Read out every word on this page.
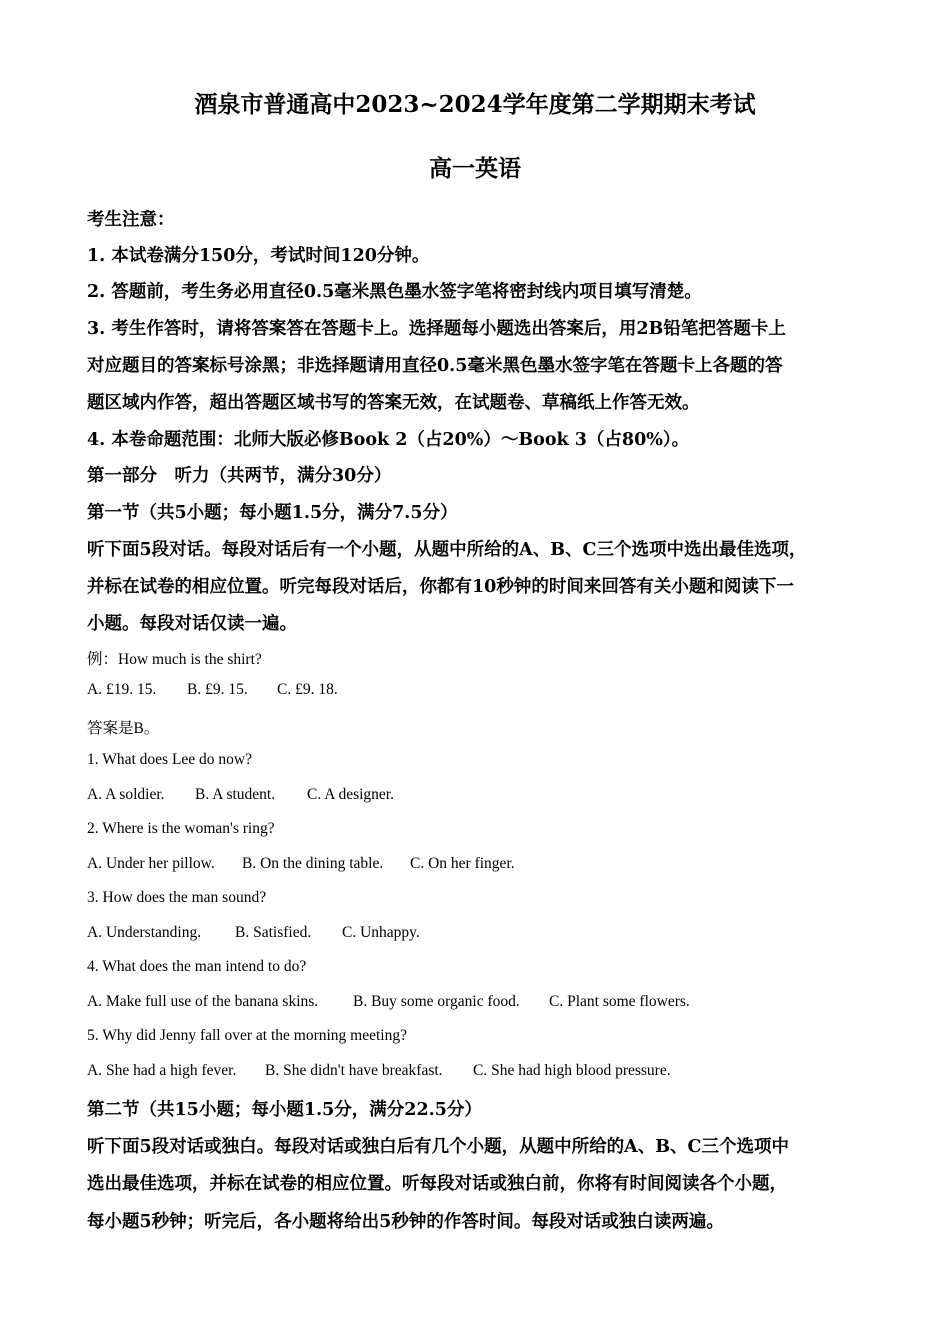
酒泉市普通高中2023~2024学年度第二学期期末考试
高一英语
考生注意：
1. 本试卷满分150分，考试时间120分钟。
2. 答题前，考生务必用直径0.5毫米黑色墨水签字笔将密封线内项目填写清楚。
3. 考生作答时，请将答案答在答题卡上。选择题每小题选出答案后，用2B铅笔把答题卡上
对应题目的答案标号涂黑；非选择题请用直径0.5毫米黑色墨水签字笔在答题卡上各题的答
题区域内作答，超出答题区域书写的答案无效，在试题卷、草稿纸上作答无效。
4. 本卷命题范围：北师大版必修Book 2（占20%）～Book 3（占80%）。
第一部分　听力（共两节，满分30分）
第一节（共5小题；每小题1.5分，满分7.5分）
听下面5段对话。每段对话后有一个小题，从题中所给的A、B、C三个选项中选出最佳选项，
并标在试卷的相应位置。听完每段对话后，你都有10秒钟的时间来回答有关小题和阅读下一
小题。每段对话仅读一遍。
例：How much is the shirt?
A. £19. 15. B. £9. 15. C. £9. 18.
答案是B。
1. What does Lee do now?
A. A soldier. B. A student. C. A designer.
2. Where is the woman's ring?
A. Under her pillow. B. On the dining table. C. On her finger.
3. How does the man sound?
A. Understanding. B. Satisfied. C. Unhappy.
4. What does the man intend to do?
A. Make full use of the banana skins. B. Buy some organic food. C. Plant some flowers.
5. Why did Jenny fall over at the morning meeting?
A. She had a high fever. B. She didn't have breakfast. C. She had high blood pressure.
第二节（共15小题；每小题1.5分，满分22.5分）
听下面5段对话或独白。每段对话或独白后有几个小题，从题中所给的A、B、C三个选项中
选出最佳选项，并标在试卷的相应位置。听每段对话或独白前，你将有时间阅读各个小题，
每小题5秒钟；听完后，各小题将给出5秒钟的作答时间。每段对话或独白读两遍。
